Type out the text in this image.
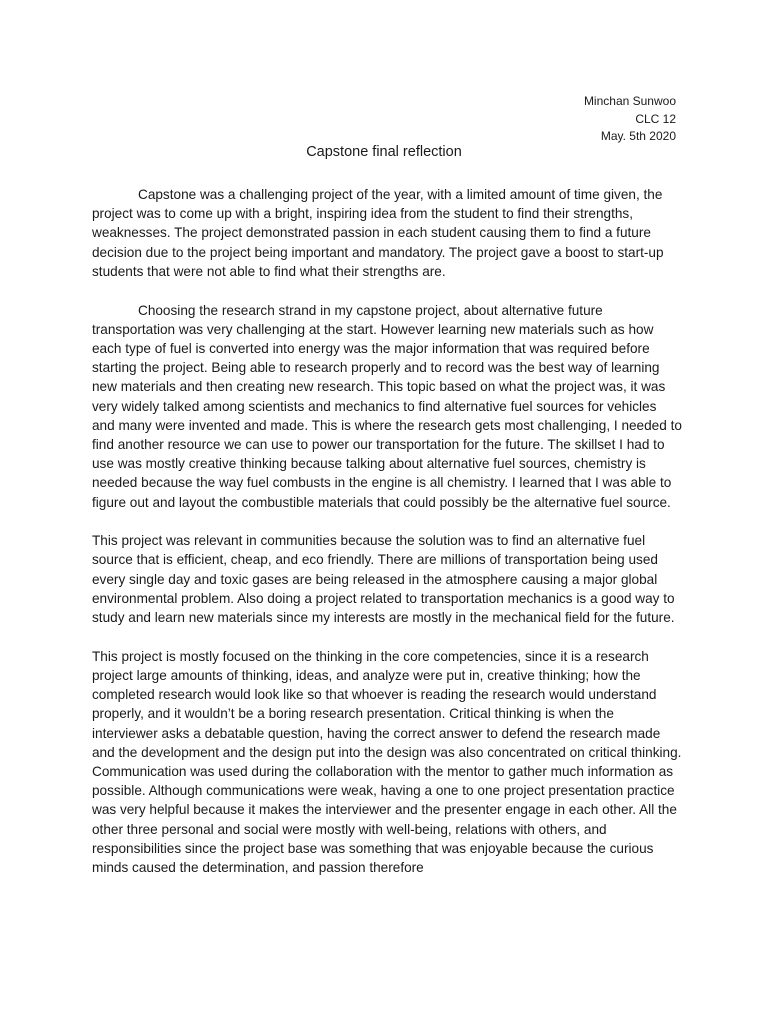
Minchan Sunwoo
CLC 12
May. 5th 2020
Capstone final reflection

Capstone was a challenging project of the year, with a limited amount of time given, the project was to come up with a bright, inspiring idea from the student to find their strengths, weaknesses. The project demonstrated passion in each student causing them to find a future decision due to the project being important and mandatory. The project gave a boost to start-up students that were not able to find what their strengths are.

Choosing the research strand in my capstone project, about alternative future transportation was very challenging at the start. However learning new materials such as how each type of fuel is converted into energy was the major information that was required before starting the project. Being able to research properly and to record was the best way of learning new materials and then creating new research. This topic based on what the project was, it was very widely talked among scientists and mechanics to find alternative fuel sources for vehicles and many were invented and made. This is where the research gets most challenging, I needed to find another resource we can use to power our transportation for the future. The skillset I had to use was mostly creative thinking because talking about alternative fuel sources, chemistry is needed because the way fuel combusts in the engine is all chemistry. I learned that I was able to figure out and layout the combustible materials that could possibly be the alternative fuel source.

This project was relevant in communities because the solution was to find an alternative fuel source that is efficient, cheap, and eco friendly. There are millions of transportation being used every single day and toxic gases are being released in the atmosphere causing a major global environmental problem. Also doing a project related to transportation mechanics is a good way to study and learn new materials since my interests are mostly in the mechanical field for the future.

This project is mostly focused on the thinking in the core competencies, since it is a research project large amounts of thinking, ideas, and analyze were put in, creative thinking; how the completed research would look like so that whoever is reading the research would understand properly, and it wouldn’t be a boring research presentation. Critical thinking is when the interviewer asks a debatable question, having the correct answer to defend the research made and the development and the design put into the design was also concentrated on critical thinking. Communication was used during the collaboration with the mentor to gather much information as possible. Although communications were weak, having a one to one project presentation practice was very helpful because it makes the interviewer and the presenter engage in each other. All the other three personal and social were mostly with well-being, relations with others, and responsibilities since the project base was something that was enjoyable because the curious minds caused the determination, and passion therefore
